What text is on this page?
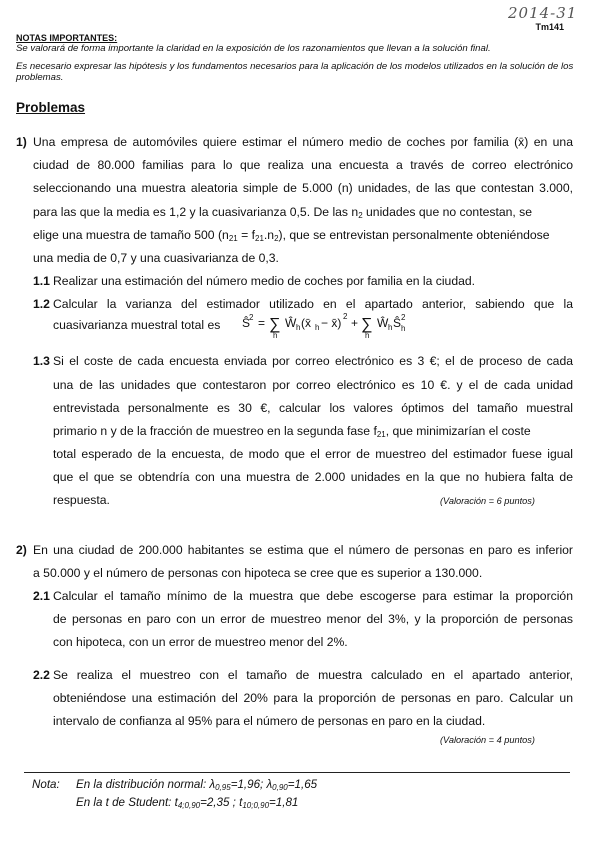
2014-31
Tm141
NOTAS IMPORTANTES:
Se valorará de forma importante la claridad en la exposición de los razonamientos que llevan a la solución final.
Es necesario expresar las hipótesis y los fundamentos necesarios para la aplicación de los modelos utilizados en la solución de los problemas.
Problemas
1) Una empresa de automóviles quiere estimar el número medio de coches por familia (x̄) en una
ciudad de 80.000 familias para lo que realiza una encuesta a través de correo electrónico
seleccionando una muestra aleatoria simple de 5.000 (n) unidades, de las que contestan 3.000,
para las que la media es 1,2 y la cuasivarianza 0,5. De las $n_2$ unidades que no contestan, se
elige una muestra de tamaño 500 $(n_{21} = f_{21}.n_2)$, que se entrevistan personalmente obteniéndose
una media de 0,7 y una cuasivarianza de 0,3.
1.1 Realizar una estimación del número medio de coches por familia en la ciudad.
1.2 Calcular la varianza del estimador utilizado en el apartado anterior, sabiendo que la
cuasivarianza muestral total es Ŝ
2 = ∑
h
Ŵ h (x̄ h − x̄) 2 + ∑
h
Ŵ h Ŝ 2
h
1.3 Si el coste de cada encuesta enviada por correo electrónico es 3 €; el de proceso de cada
una de las unidades que contestaron por correo electrónico es 10 €. y el de cada unidad
entrevistada personalmente es 30 €, calcular los valores óptimos del tamaño muestral
primario n y de la fracción de muestreo en la segunda fase $f_{21}$, que minimizarían el coste
total esperado de la encuesta, de modo que el error de muestreo del estimador fuese igual
que el que se obtendría con una muestra de 2.000 unidades en la que no hubiera falta de
respuesta.	(Valoración = 6 puntos)
2) En una ciudad de 200.000 habitantes se estima que el número de personas en paro es inferior
a 50.000 y el número de personas con hipoteca se cree que es superior a 130.000.
2.1 Calcular el tamaño mínimo de la muestra que debe escogerse para estimar la proporción
de personas en paro con un error de muestreo menor del 3%, y la proporción de personas
con hipoteca, con un error de muestreo menor del 2%.
2.2 Se realiza el muestreo con el tamaño de muestra calculado en el apartado anterior,
obteniéndose una estimación del 20% para la proporción de personas en paro. Calcular un
intervalo de confianza al 95% para el número de personas en paro en la ciudad.
(Valoración = 4 puntos)
Nota: En la distribución normal: $\lambda_{0,95}=1,96$; $\lambda_{0,90}=1,65$
En la t de Student: $t_{4;0,90}=2,35$ ; $t_{10;0,90}=1,81$
